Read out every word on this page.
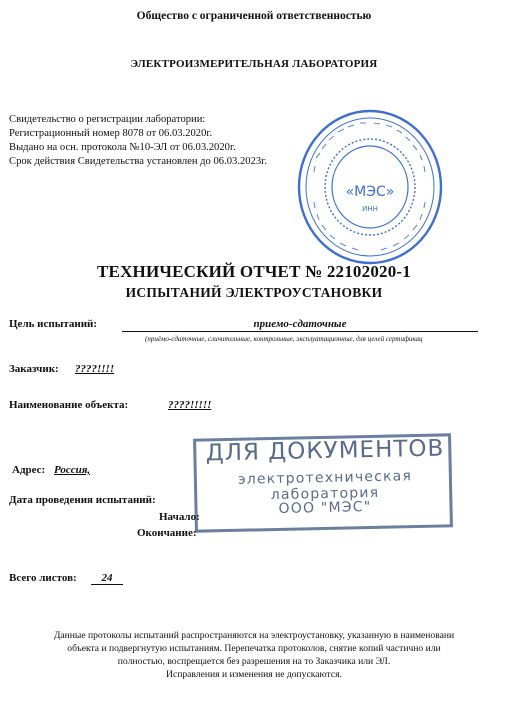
Общество с ограниченной ответственностью
ЭЛЕКТРОИЗМЕРИТЕЛЬНАЯ ЛАБОРАТОРИЯ
Свидетельство о регистрации лаборатории:
Регистрационный номер 8078 от 06.03.2020г.
Выдано на осн. протокола №10-ЭЛ от 06.03.2020г.
Срок действия Свидетельства установлен до 06.03.2023г.
«МЭС»
ИНН
ТЕХНИЧЕСКИЙ ОТЧЕТ № 22102020-1
ИСПЫТАНИЙ ЭЛЕКТРОУСТАНОВКИ
Цель испытаний:	приемо-сдаточные
(приёмо-сдаточные, сличительные, контрольные, эксплуатационные, для целей сертификац
Заказчик: ????!!!!
Наименование объекта:	????!!!!!
ДЛЯ ДОКУМЕНТОВ
электротехническая
лаборатория
ООО "МЭС"
Адрес: Россия,
Дата проведения испытаний:
Начало:
Окончание:
Всего листов:	24
Данные протоколы испытаний распространяются на электроустановку, указанную в наименовани
объекта и подвергнутую испытаниям. Перепечатка протоколов, снятие копий частично или
полностью, воспрещается без разрешения на то Заказчика или ЭЛ.
Исправления и изменения не допускаются.
